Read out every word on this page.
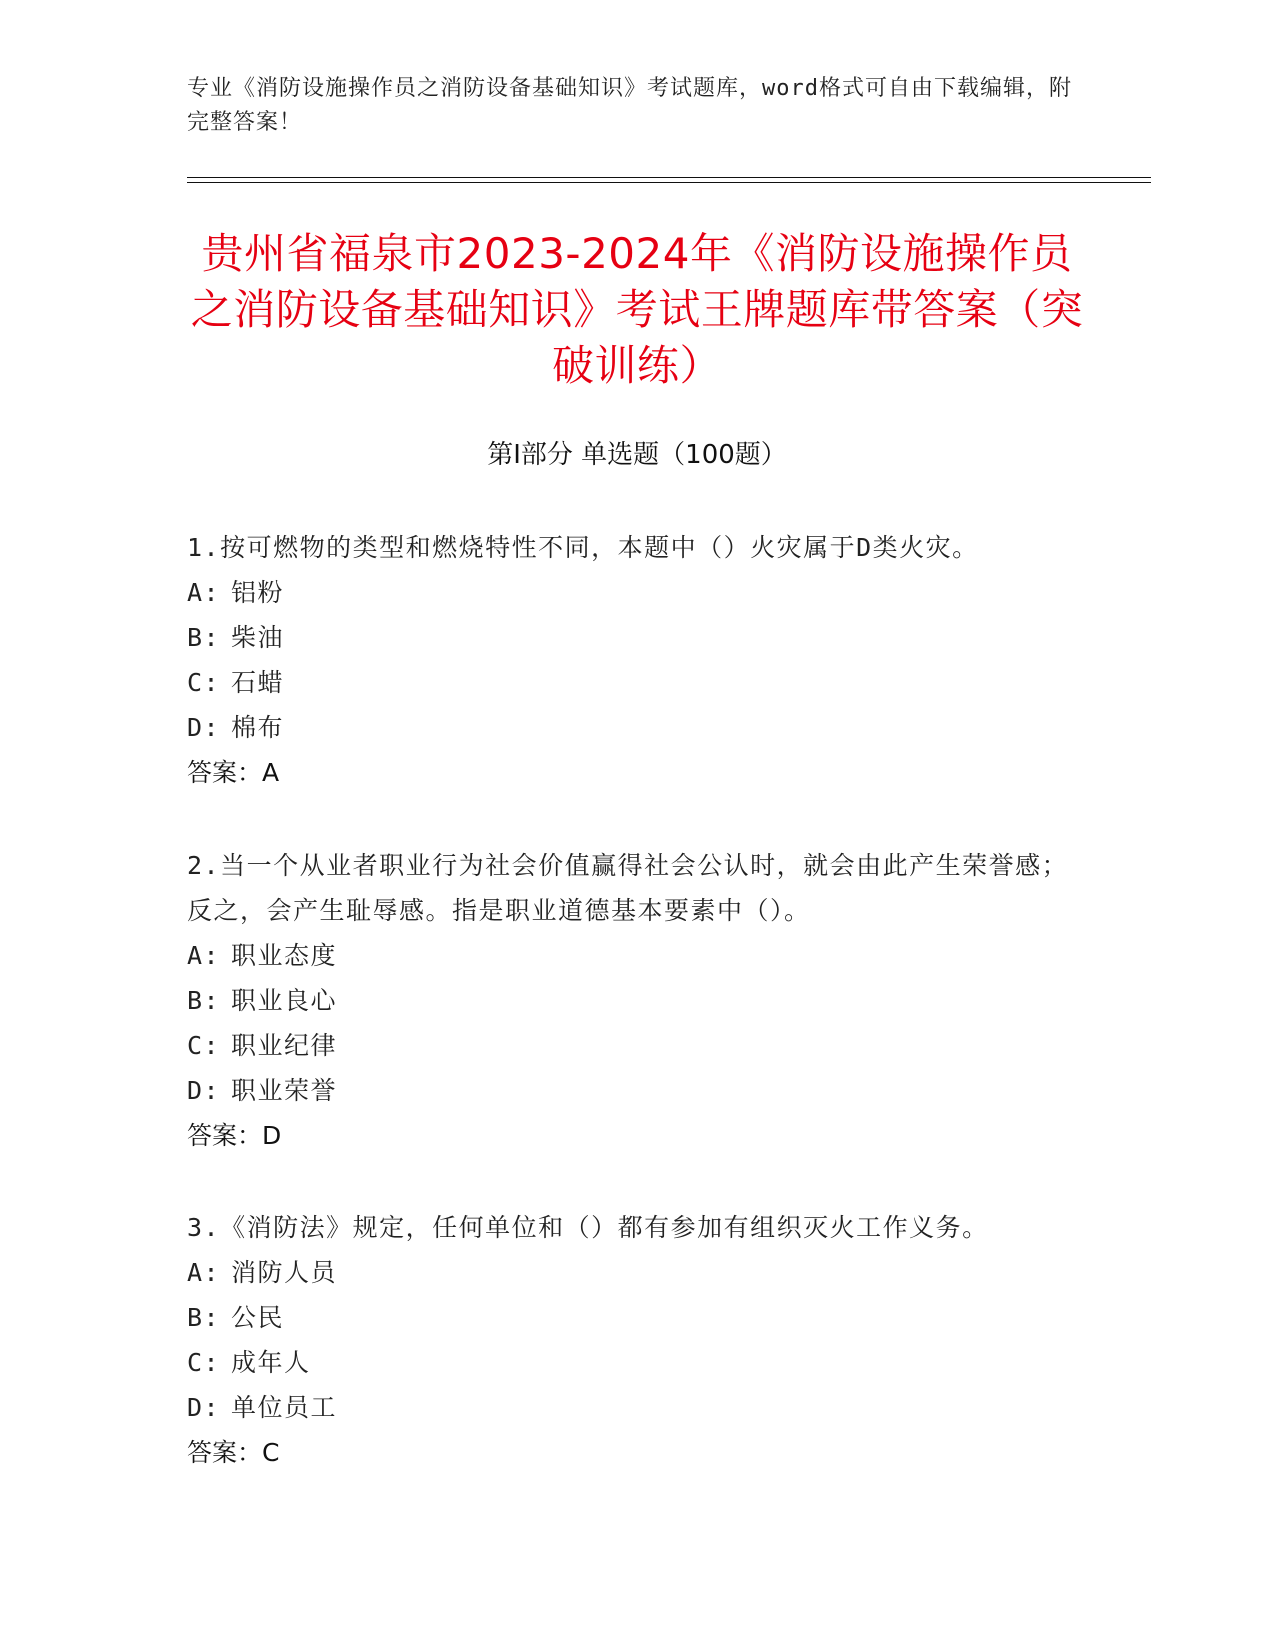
专业《消防设施操作员之消防设备基础知识》考试题库，word格式可自由下载编辑，附完整答案！
贵州省福泉市2023-2024年《消防设施操作员之消防设备基础知识》考试王牌题库带答案（突破训练）
第I部分 单选题（100题）
1.按可燃物的类型和燃烧特性不同，本题中（）火灾属于D类火灾。
A: 铝粉
B: 柴油
C: 石蜡
D: 棉布
答案：A
2.当一个从业者职业行为社会价值赢得社会公认时，就会由此产生荣誉感；反之，会产生耻辱感。指是职业道德基本要素中（）。
A: 职业态度
B: 职业良心
C: 职业纪律
D: 职业荣誉
答案：D
3.《消防法》规定，任何单位和（）都有参加有组织灭火工作义务。
A: 消防人员
B: 公民
C: 成年人
D: 单位员工
答案：C
